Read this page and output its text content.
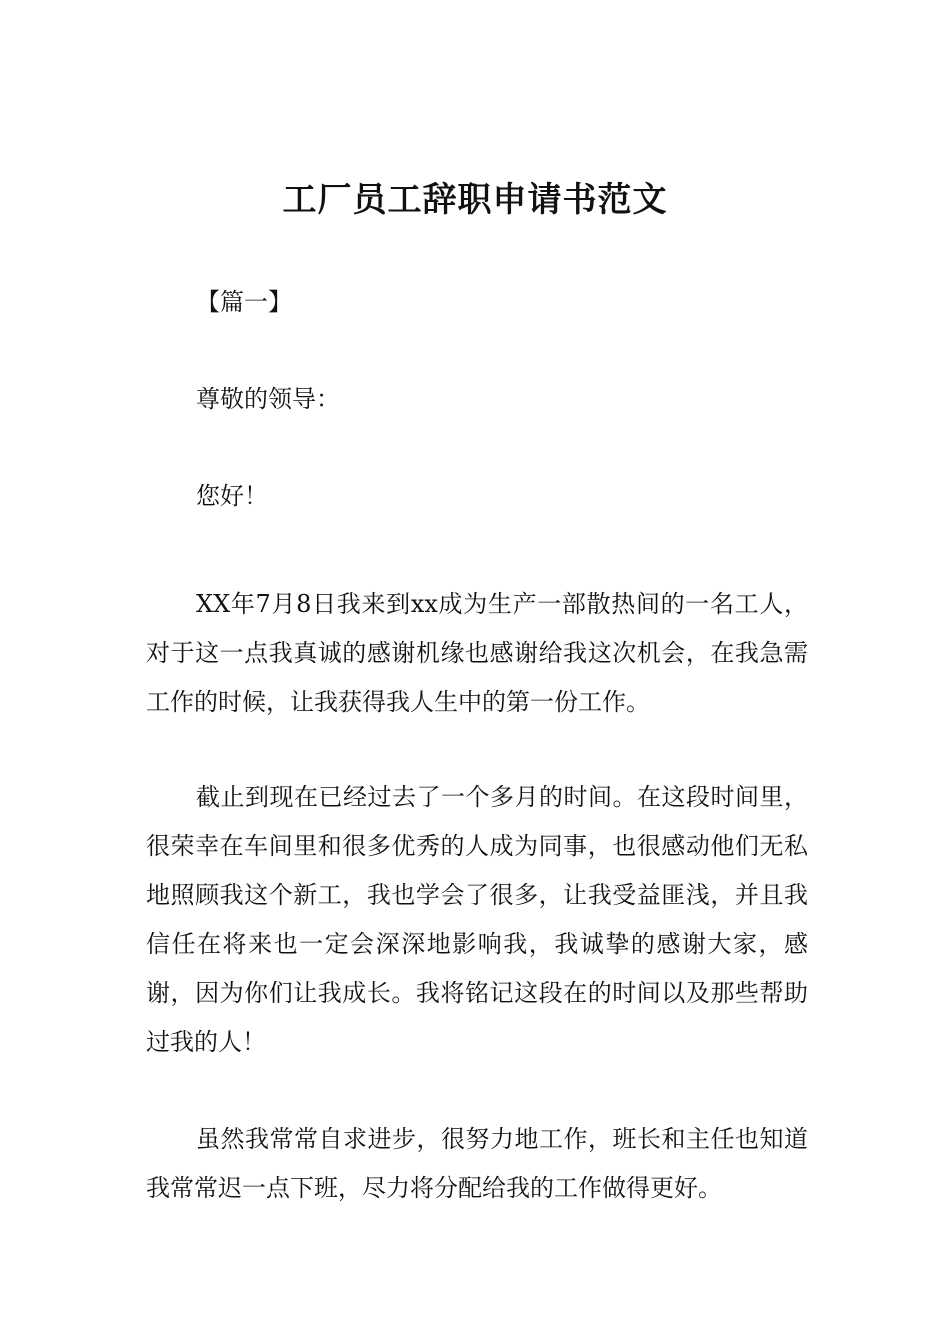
工厂员工辞职申请书范文

【篇一】

尊敬的领导：

您好！

XX年7月8日我来到xx成为生产一部散热间的一名工人，对于这一点我真诚的感谢机缘也感谢给我这次机会，在我急需工作的时候，让我获得我人生中的第一份工作。

截止到现在已经过去了一个多月的时间。在这段时间里，很荣幸在车间里和很多优秀的人成为同事，也很感动他们无私地照顾我这个新工，我也学会了很多，让我受益匪浅，并且我信任在将来也一定会深深地影响我，我诚挚的感谢大家，感谢，因为你们让我成长。我将铭记这段在的时间以及那些帮助过我的人！

虽然我常常自求进步，很努力地工作，班长和主任也知道我常常迟一点下班，尽力将分配给我的工作做得更好。
